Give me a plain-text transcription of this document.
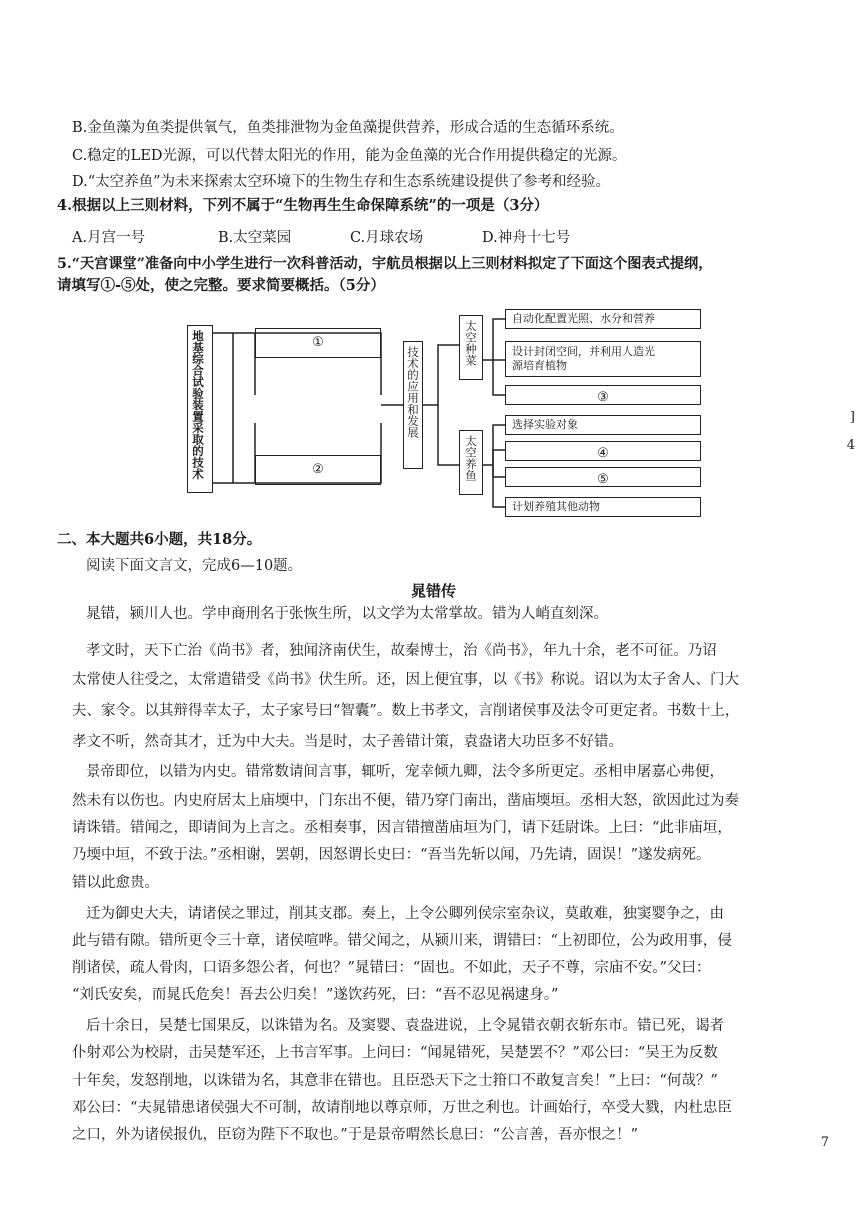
B.金鱼藻为鱼类提供氧气，鱼类排泄物为金鱼藻提供营养，形成合适的生态循环系统。
C.稳定的LED光源，可以代替太阳光的作用，能为金鱼藻的光合作用提供稳定的光源。
D.“太空养鱼”为未来探索太空环境下的生物生存和生态系统建设提供了参考和经验。
4.根据以上三则材料，下列不属于“生物再生生命保障系统”的一项是（3分）
A.月宫一号	B.太空菜园	C.月球农场	D.神舟十七号
5.“天宫课堂”准备向中小学生进行一次科普活动，宇航员根据以上三则材料拟定了下面这个图表式提纲，
请填写①-⑤处，使之完整。要求简要概括。（5分）
地基综合试验装置采取的技术	①
②
技术的应用和发展
太空种菜
太空养鱼
自动化配置光照、水分和营养
设计封闭空间，并利用人造光源培育植物
③
选择实验对象
④
⑤
计划养殖其他动物
二、本大题共6小题，共18分。
阅读下面文言文，完成6—10题。
晁错传
晁错，颍川人也。学申商刑名于张恢生所，以文学为太常掌故。错为人峭直刻深。
孝文时，天下亡治《尚书》者，独闻济南伏生，故秦博士，治《尚书》，年九十余，老不可征。乃诏
太常使人往受之，太常遣错受《尚书》伏生所。还，因上便宜事，以《书》称说。诏以为太子舍人、门大
夫、家令。以其辩得幸太子，太子家号曰“智囊”。数上书孝文，言削诸侯事及法令可更定者。书数十上，
孝文不听，然奇其才，迁为中大夫。当是时，太子善错计策，袁盎诸大功臣多不好错。
景帝即位，以错为内史。错常数请间言事，辄听，宠幸倾九卿，法令多所更定。丞相申屠嘉心弗便，
然未有以伤也。内史府居太上庙堧中，门东出不便，错乃穿门南出，凿庙堧垣。丞相大怒，欲因此过为奏
请诛错。错闻之，即请间为上言之。丞相奏事，因言错擅凿庙垣为门，请下廷尉诛。上曰：“此非庙垣，
乃堧中垣，不致于法。”丞相谢，罢朝，因怒谓长史曰：“吾当先斩以闻，乃先请，固误！”遂发病死。
错以此愈贵。
迁为御史大夫，请诸侯之罪过，削其支郡。奏上，上令公卿列侯宗室杂议，莫敢难，独窦婴争之，由
此与错有隙。错所更令三十章，诸侯喧哗。错父闻之，从颍川来，谓错曰：“上初即位，公为政用事，侵
削诸侯，疏人骨肉，口语多怨公者，何也？”晁错曰：“固也。不如此，天子不尊，宗庙不安。”父曰：
“刘氏安矣，而晁氏危矣！吾去公归矣！”遂饮药死，曰：“吾不忍见祸逮身。”
后十余日，吴楚七国果反，以诛错为名。及窦婴、袁盎进说，上令晁错衣朝衣斩东市。错已死，谒者
仆射邓公为校尉，击吴楚军还，上书言军事。上问曰：“闻晁错死，吴楚罢不？”邓公曰：“吴王为反数
十年矣，发怒削地，以诛错为名，其意非在错也。且臣恐天下之士箝口不敢复言矣！”上曰：“何哉？”
邓公曰：“夫晁错患诸侯强大不可制，故请削地以尊京师，万世之利也。计画始行，卒受大戮，内杜忠臣
之口，外为诸侯报仇，臣窃为陛下不取也。”于是景帝喟然长息曰：“公言善，吾亦恨之！”	7
]
4
